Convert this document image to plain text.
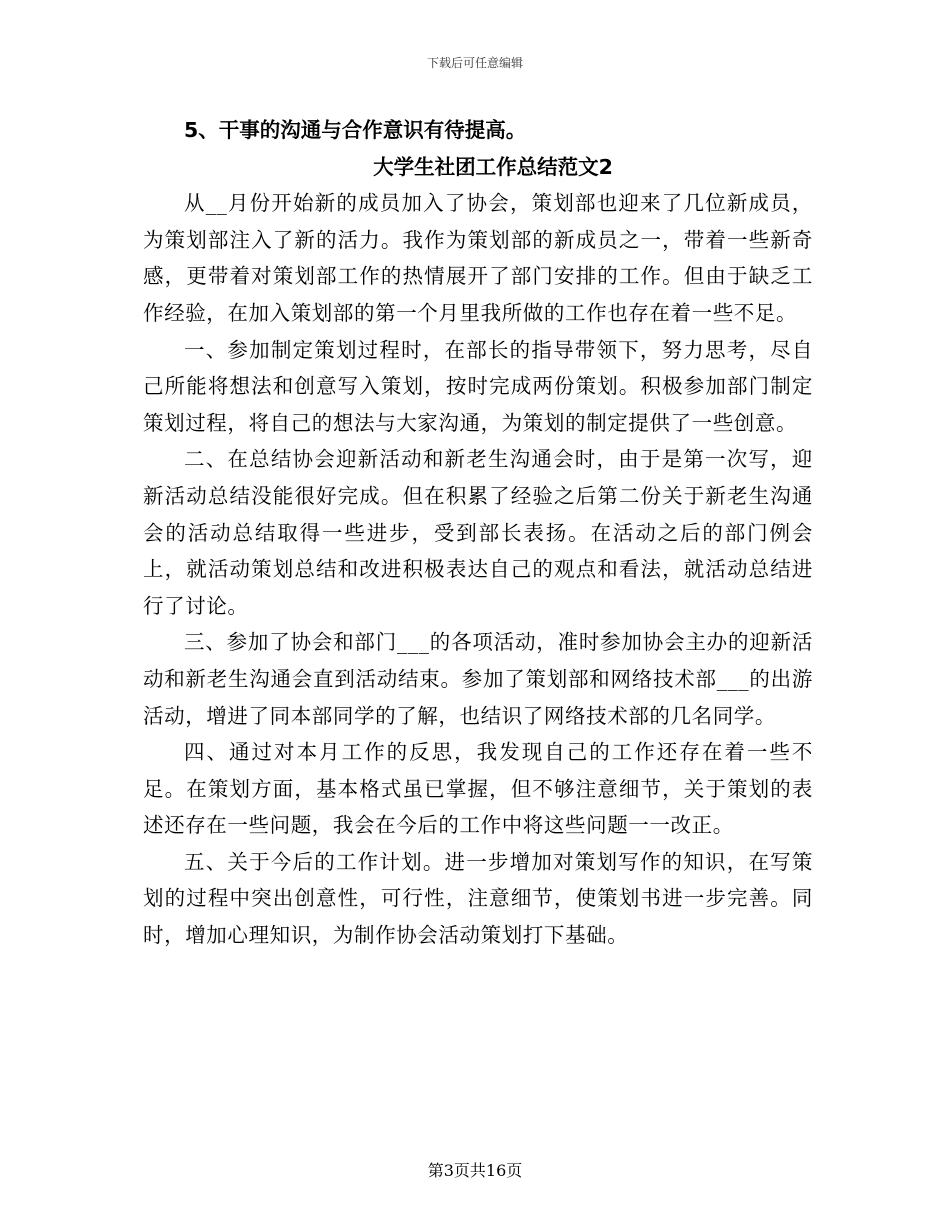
下载后可任意编辑

5、干事的沟通与合作意识有待提高。

大学生社团工作总结范文2

从__月份开始新的成员加入了协会，策划部也迎来了几位新成员，为策划部注入了新的活力。我作为策划部的新成员之一，带着一些新奇感，更带着对策划部工作的热情展开了部门安排的工作。但由于缺乏工作经验，在加入策划部的第一个月里我所做的工作也存在着一些不足。

一、参加制定策划过程时，在部长的指导带领下，努力思考，尽自己所能将想法和创意写入策划，按时完成两份策划。积极参加部门制定策划过程，将自己的想法与大家沟通，为策划的制定提供了一些创意。

二、在总结协会迎新活动和新老生沟通会时，由于是第一次写，迎新活动总结没能很好完成。但在积累了经验之后第二份关于新老生沟通会的活动总结取得一些进步，受到部长表扬。在活动之后的部门例会上，就活动策划总结和改进积极表达自己的观点和看法，就活动总结进行了讨论。

三、参加了协会和部门___的各项活动，准时参加协会主办的迎新活动和新老生沟通会直到活动结束。参加了策划部和网络技术部___的出游活动，增进了同本部同学的了解，也结识了网络技术部的几名同学。

四、通过对本月工作的反思，我发现自己的工作还存在着一些不足。在策划方面，基本格式虽已掌握，但不够注意细节，关于策划的表述还存在一些问题，我会在今后的工作中将这些问题一一改正。

五、关于今后的工作计划。进一步增加对策划写作的知识，在写策划的过程中突出创意性，可行性，注意细节，使策划书进一步完善。同时，增加心理知识，为制作协会活动策划打下基础。

第3页共16页
